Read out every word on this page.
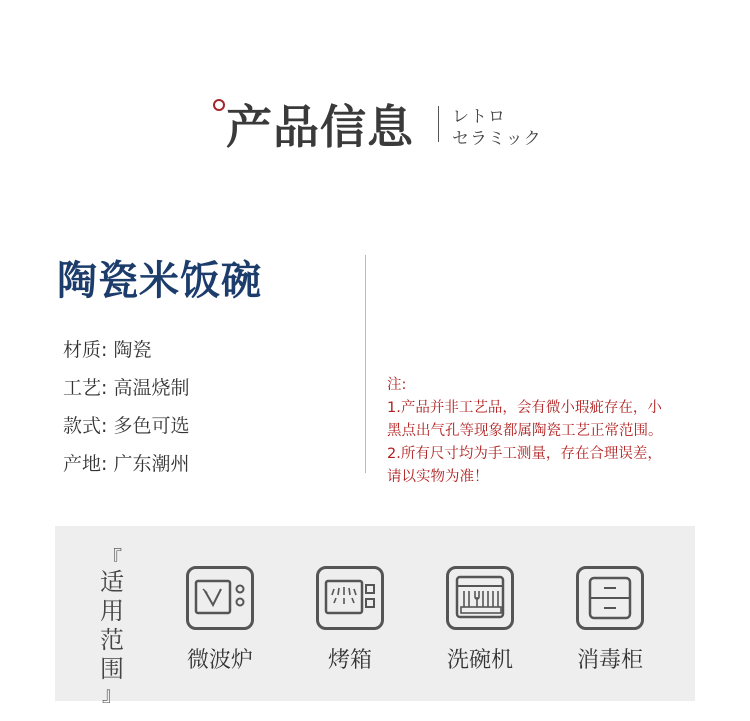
产品信息 レトロ
セラミック
陶瓷米饭碗
材质: 陶瓷
工艺: 高温烧制
款式: 多色可选
产地: 广东潮州
注:
1.产品并非工艺品，会有微小瑕疵存在，小
黑点出气孔等现象都属陶瓷工艺正常范围。
2.所有尺寸均为手工测量，存在合理误差，
请以实物为准！
『
适
用
范
围
』
微波炉	烤箱	洗碗机	消毒柜
